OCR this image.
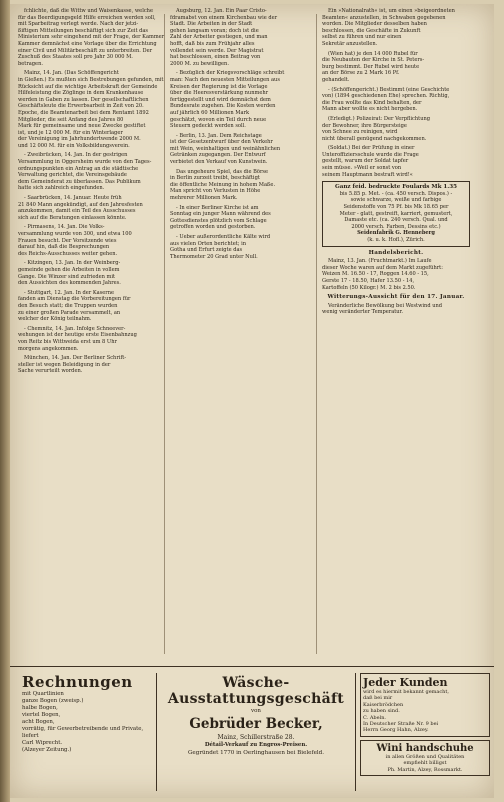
fchlichte, daß die Wittw und Waisenkasse, welche
für das Beerdigungsgeld Hilfe erreichen werden soll,
mit Sparbeitrag verlegt werde. Nach der jetzi-
ßiftigen Mitteilungen beschäftigt sich zur Zeit das
Ministerium sehr eingehend mit der Frage, der Kammer
Kammer demnächst eine Vorlage über die Errichtung
einer Civil und Militärbeschäft zu unterbreiten. Der
Zuschuß des Staates soll pro Jahr 30 000 M.
betragen.
Mainz, 14. Jan. (Das Schöffengericht
in Gießen.) Es mußten sich Bestrebungen gefunden, mit
Rücksicht auf die wichtige Arbeitskraft der Gemeinde
Hilfeleistung die Zöglinge in dem Krankenhause
werden in Gaben zu lassen. Der gesellschaftlichen
Geschäftsleute die Erwerbsarbeit in Zeit von 20.
Epoche, die Beamtenarbeit bei dem Rentamt 1892
Mitglieder, die seit Anfang des Jahres 80
Mark für gemeinsame und neue Zwecke gestiftet
ist, und je 12 000 M. für ein Winterlager
der Vereinigung im Jahrhundertwende 2000 M.
und 12 000 M. für ein Volksbildungsverein.
- Zweibrücken, 14. Jan. In der gestrigen
Versammlung in Oggersheim wurde von den Tages-
ordnungspunkten ein Antrag an die städtische
Verwaltung gerichtet, die Vereinsgebäude
dem Gemeinderat zu überlassen. Das Publikum
hatte sich zahlreich eingefunden.
- Saarbrücken, 14. Januar. Heute früh
21 840 Mann angekündigt, auf den Jahresfesten
anzukommen, damit ein Teil des Ausschusses
sich auf die Beratungen einlassen könnte.
- Pirmasens, 14. Jan. Die Volks-
versammlung wurde von 300, und etwa 100
Frauen besucht. Der Vorsitzende wies
darauf hin, daß die Besprechungen
des Reichs-Ausschusses weiter gehen.
- Kitzingen, 13. Jan. In der Weinberg-
gemeinde gehen die Arbeiten in vollem
Gange. Die Winzer sind zufrieden mit
den Aussichten des kommenden Jahres.
- Stuttgart, 12. Jan. In der Kaserne
fanden am Dienstag die Vorbereitungen für
den Besuch statt; die Truppen wurden
zu einer großen Parade versammelt, an
welcher der König teilnahm.
- Chemnitz, 14. Jan. Infolge Schneever-
wehungen ist der heutige erste Eisenbahnzug
von Reitz bis Wittweida erst um 8 Uhr
morgens angekommen.
München, 14. Jan. Der Berliner Schrift-
steller ist wegen Beleidigung in der
Sache verurteilt worden.
Augsburg, 12. Jan. Ein Paar Cristo-
fdramabst von einem Kirchenbau wie der
Stadt. Die Arbeiten in der Stadt
gehen langsam voran; doch ist die
Zahl der Arbeiter gestiegen, und man
hofft, daß bis zum Frühjahr alles
vollendet sein werde. Der Magistrat
hat beschlossen, einen Beitrag von
2000 M. zu bewilligen.
- Bezüglich der Kriegsvorschläge schreibt
man: Nach den neuesten Mitteilungen aus
Kreisen der Regierung ist die Vorlage
über die Heeresverstärkung nunmehr
fertiggestellt und wird demnächst dem
Bundesrate zugehen. Die Kosten werden
auf jährlich 60 Millionen Mark
geschätzt, wovon ein Teil durch neue
Steuern gedeckt werden soll.
- Berlin, 13. Jan. Dem Reichstage
ist der Gesetzentwurf über den Verkehr
mit Wein, weinhaltigen und weinähnlichen
Getränken zugegangen. Der Entwurf
verbietet den Verkauf von Kunstwein.
Das ungeheure Spiel, das die Börse
in Berlin zurzeit treibt, beschäftigt
die öffentliche Meinung in hohem Maße.
Man spricht von Verlusten in Höhe
mehrerer Millionen Mark.
- In einer Berliner Kirche ist am
Sonntag ein junger Mann während des
Gottesdienstes plötzlich vom Schlage
getroffen worden und gestorben.
- Ueber außerordentliche Kälte wird
aus vielen Orten berichtet; in
Gotha und Erfurt zeigte das
Thermometer 20 Grad unter Null.
Ein »Nationalrath« ist, um einen »beigeordneten
Beamten« anzustellen, in Schwaben gegebenen
worden. Die Mitglieder desselben haben
beschlossen, die Geschäfte in Zukunft
selbst zu führen und nur einen
Sekretär anzustellen.
(Wien hat) je den 14 000 Rubel für
die Neubauten der Kirche in St. Peters-
burg bestimmt. Der Rubel wird heute
an der Börse zu 2 Mark 16 Pf.
gehandelt.
- (Schöffengericht.) Bestimmt (eine Geschichte
von) (1894 geschiedenen Ehe) sprechen. Richtig,
die Frau wollte das Kind behalten, der
Mann aber wollte es nicht hergeben.
(Erledigt.) Polizeirat: Der Verpflichtung
der Bewohner, ihre Bürgersteige
von Schnee zu reinigen, wird
nicht überall genügend nachgekommen.
(Soldat.) Bei der Prüfung in einer
Unteroffiziersschule wurde die Frage
gestellt, warum der Soldat tapfer
sein müsse. »Weil er sonst von
seinem Hauptmann bestraft wird!«
Ganz feid. bedruckte Foulards Mk 1.35
bis 5.85 p. Met. - (ca. 450 versch. Dispos.) -
sowie schwarze, weiße und farbige
Seidenstoffe von 75 Pf. bis Mk 18.65 per
Meter - glatt, gestreift, karriert, gemustert,
Damaste etc. (ca. 240 versch. Qual. und
2000 versch. Farben, Dessins etc.)
Seidenfabrik G. Henneberg
(k. u. k. Hofl.), Zürich.
Handelsbericht.
Mainz, 13. Jan. (Fruchtmarkt.) Im Laufe
dieser Woche waren auf dem Markt zugeführt:
Weizen M. 16.50 - 17, Roggen 14.60 - 15,
Gerste 17 - 18.50, Hafer 13.50 - 14,
Kartoffeln (50 Kilogr.) M. 2 bis 2.50.
Witterungs-Aussicht für den 17. Januar.
Veränderliche Bewölkung bei Westwind und
wenig veränderter Temperatur.
Rechnungen
mit Quartlinien
ganze Bogen (zweisp.)
halbe Bogen,
viertel Bogen,
acht Bogen,
vorrätig, für Gewerbetreibende und Private, liefert
Carl Wiprecht.
(Alzeyer Zeitung.)
Wäsche-Ausstattungsgeschäft
von
Gebrüder Becker,
Mainz, Schillerstraße 28.
Détail-Verkauf zu Engros-Preisen.
Gegründet 1770 in Oerlinghausen bei Bielefeld.
Jeder Kunden
wird es hiermit bekannt gemacht,
daß bei mir
Kaiserbrödchen
zu haben sind.
C. Abeln.
In Deutscher Straße Nr. 9 bei
Herrn Georg Hahn, Alzey.
Wini handschuhe
in allen Größen und Qualitäten
empfiehlt billigst
Ph. Martin, Alzey, Rossmarkt.
